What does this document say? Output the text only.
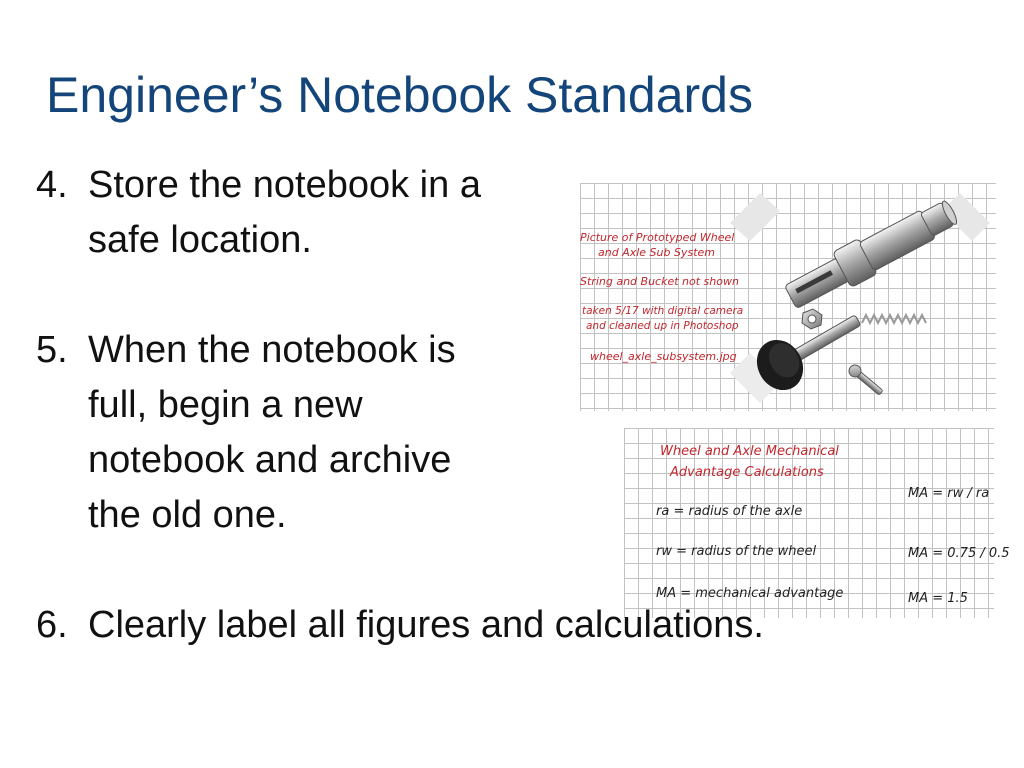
Engineer’s Notebook Standards
4. Store the notebook in a
safe location.
5. When the notebook is
full, begin a new
notebook and archive
the old one.
Picture of Prototyped Wheel
and Axle Sub System
String and Bucket not shown
taken 5/17 with digital camera
and cleaned up in Photoshop
wheel_axle_subsystem.jpg
Wheel and Axle Mechanical
Advantage Calculations
ra = radius of the axle
rw = radius of the wheel
MA = mechanical advantage
MA = rw / ra
MA = 0.75 / 0.5
MA = 1.5
6. Clearly label all figures and calculations.
